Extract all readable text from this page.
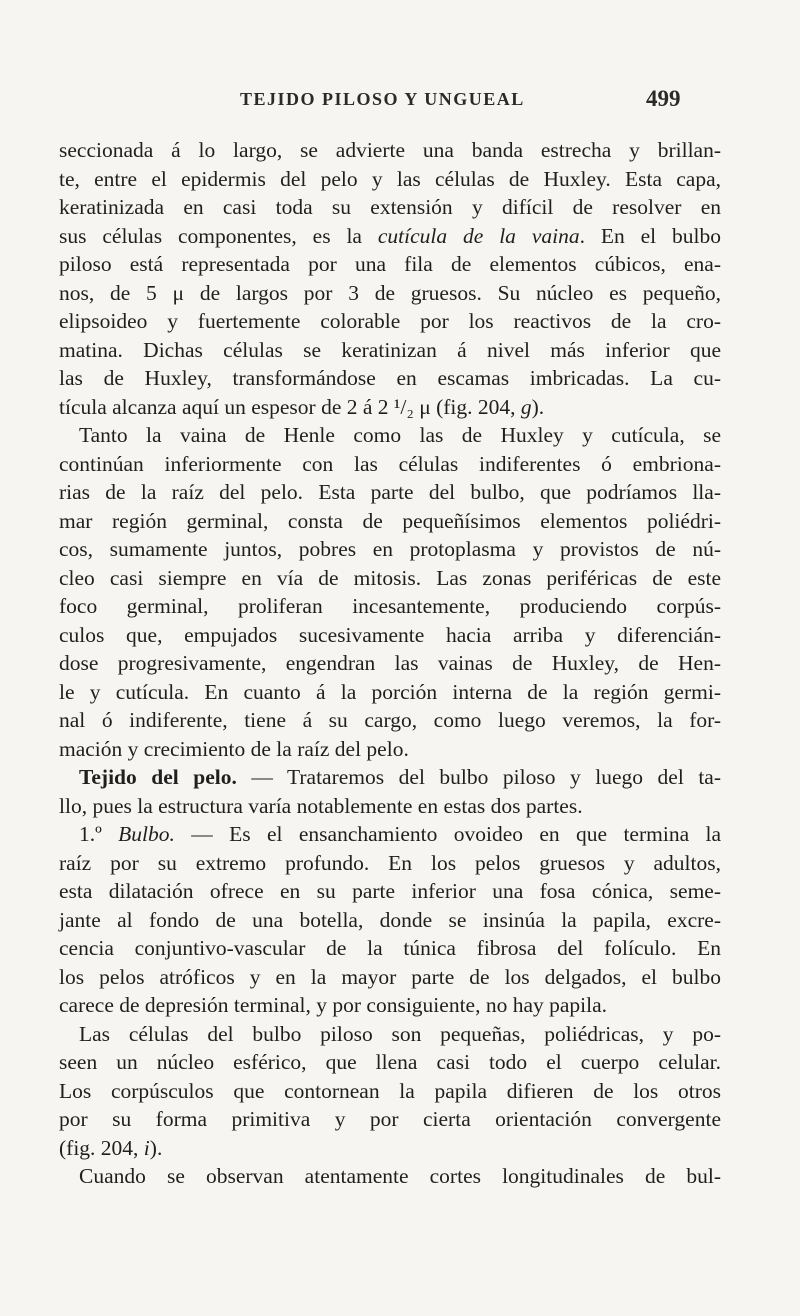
TEJIDO PILOSO Y UNGUEAL	499
seccionada á lo largo, se advierte una banda estrecha y brillan-
te, entre el epidermis del pelo y las células de Huxley. Esta capa,
keratinizada en casi toda su extensión y difícil de resolver en
sus células componentes, es la cutícula de la vaina. En el bulbo
piloso está representada por una fila de elementos cúbicos, ena-
nos, de 5 μ de largos por 3 de gruesos. Su núcleo es pequeño,
elipsoideo y fuertemente colorable por los reactivos de la cro-
matina. Dichas células se keratinizan á nivel más inferior que
las de Huxley, transformándose en escamas imbricadas. La cu-
tícula alcanza aquí un espesor de 2 á 2 ¹/₂ μ (fig. 204, g).
Tanto la vaina de Henle como las de Huxley y cutícula, se
continúan inferiormente con las células indiferentes ó embriona-
rias de la raíz del pelo. Esta parte del bulbo, que podríamos lla-
mar región germinal, consta de pequeñísimos elementos poliédri-
cos, sumamente juntos, pobres en protoplasma y provistos de nú-
cleo casi siempre en vía de mitosis. Las zonas periféricas de este
foco germinal, proliferan incesantemente, produciendo corpús-
culos que, empujados sucesivamente hacia arriba y diferencián-
dose progresivamente, engendran las vainas de Huxley, de Hen-
le y cutícula. En cuanto á la porción interna de la región germi-
nal ó indiferente, tiene á su cargo, como luego veremos, la for-
mación y crecimiento de la raíz del pelo.
Tejido del pelo. — Trataremos del bulbo piloso y luego del ta-
llo, pues la estructura varía notablemente en estas dos partes.
1.º Bulbo. — Es el ensanchamiento ovoideo en que termina la
raíz por su extremo profundo. En los pelos gruesos y adultos,
esta dilatación ofrece en su parte inferior una fosa cónica, seme-
jante al fondo de una botella, donde se insinúa la papila, excre-
cencia conjuntivo-vascular de la túnica fibrosa del folículo. En
los pelos atróficos y en la mayor parte de los delgados, el bulbo
carece de depresión terminal, y por consiguiente, no hay papila.
Las células del bulbo piloso son pequeñas, poliédricas, y po-
seen un núcleo esférico, que llena casi todo el cuerpo celular.
Los corpúsculos que contornean la papila difieren de los otros
por su forma primitiva y por cierta orientación convergente
(fig. 204, i).
Cuando se observan atentamente cortes longitudinales de bul-
